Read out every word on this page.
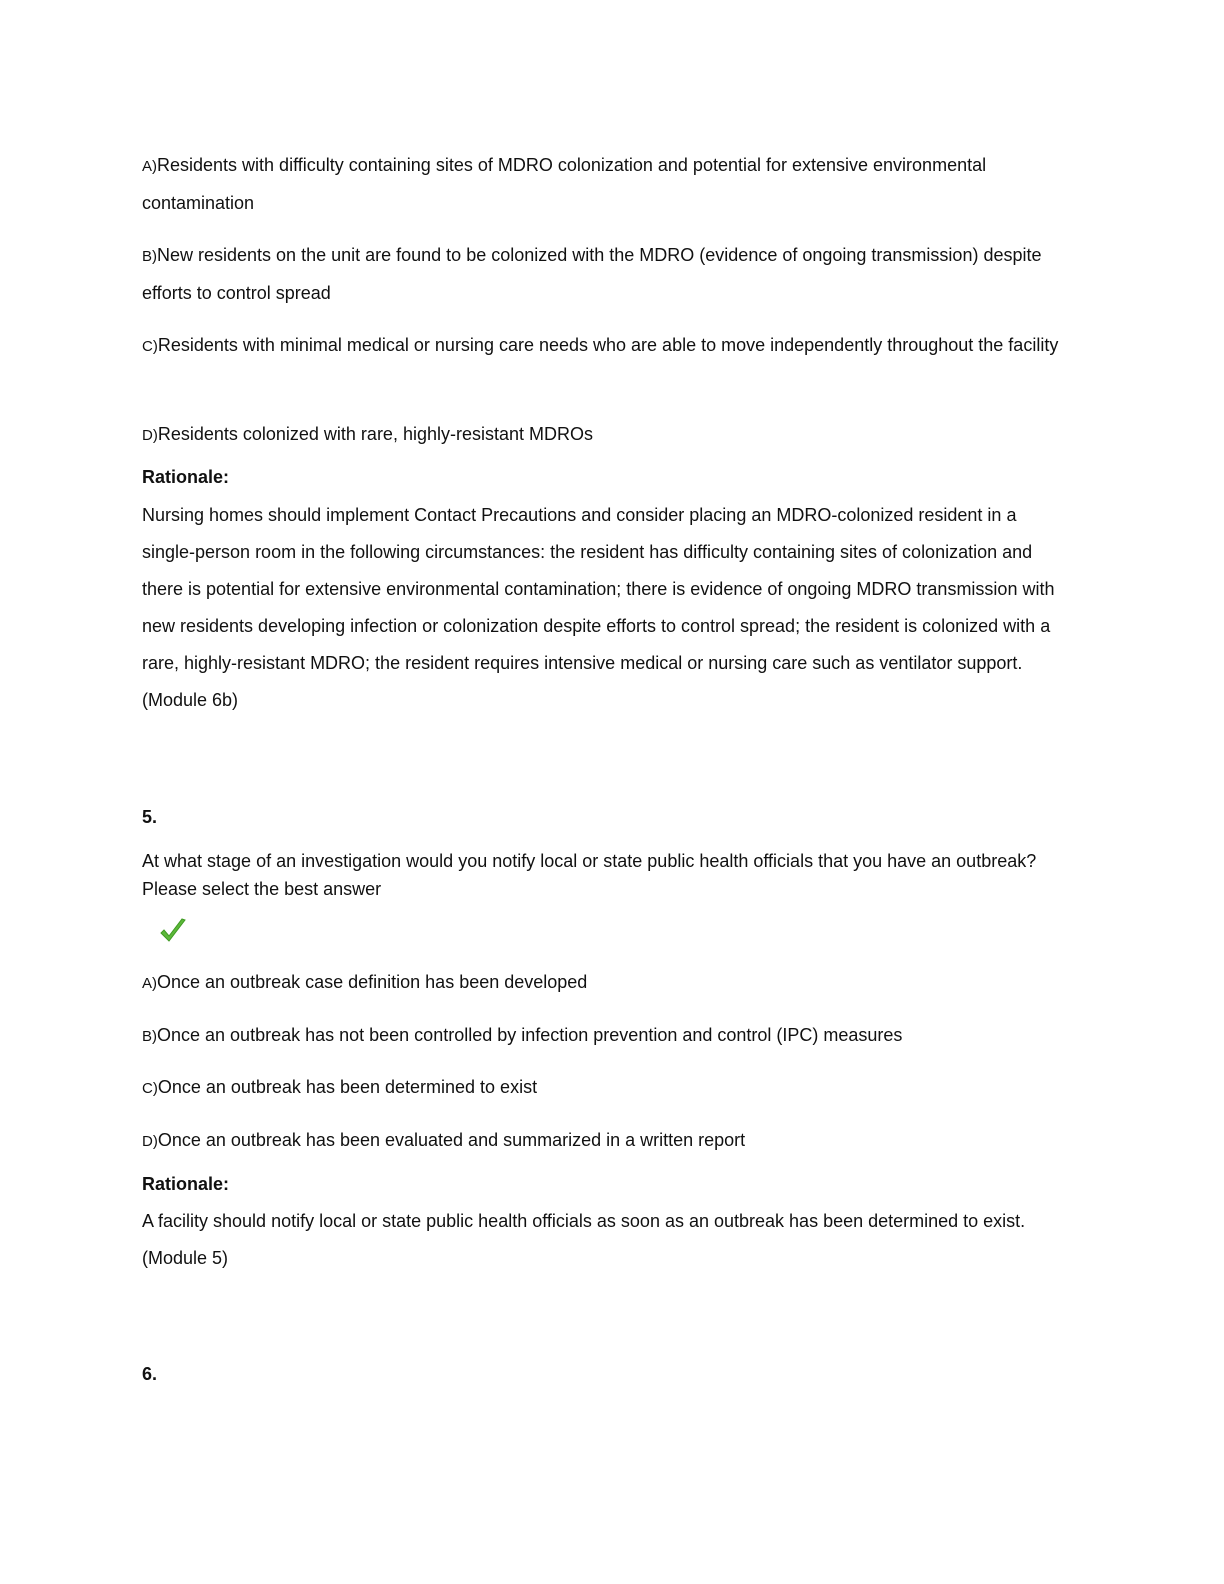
A)Residents with difficulty containing sites of MDRO colonization and potential for extensive environmental contamination
B)New residents on the unit are found to be colonized with the MDRO (evidence of ongoing transmission) despite efforts to control spread
C)Residents with minimal medical or nursing care needs who are able to move independently throughout the facility
D)Residents colonized with rare, highly-resistant MDROs
Rationale:
Nursing homes should implement Contact Precautions and consider placing an MDRO-colonized resident in a single-person room in the following circumstances: the resident has difficulty containing sites of colonization and there is potential for extensive environmental contamination; there is evidence of ongoing MDRO transmission with new residents developing infection or colonization despite efforts to control spread; the resident is colonized with a rare, highly-resistant MDRO; the resident requires intensive medical or nursing care such as ventilator support. (Module 6b)
5.
At what stage of an investigation would you notify local or state public health officials that you have an outbreak? Please select the best answer
A)Once an outbreak case definition has been developed
B)Once an outbreak has not been controlled by infection prevention and control (IPC) measures
C)Once an outbreak has been determined to exist
D)Once an outbreak has been evaluated and summarized in a written report
Rationale:
A facility should notify local or state public health officials as soon as an outbreak has been determined to exist. (Module 5)
6.
